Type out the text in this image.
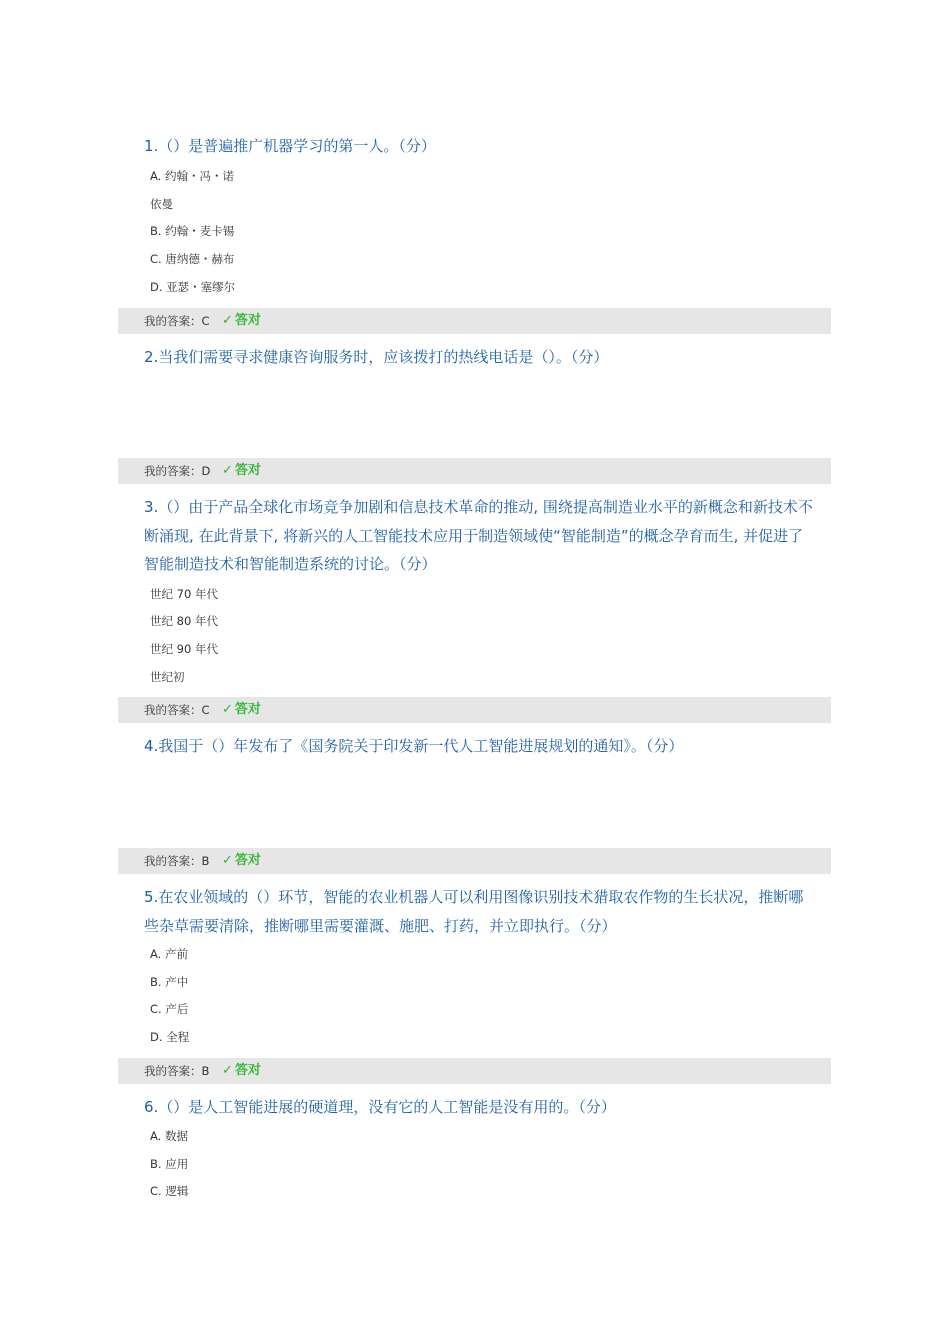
1.（）是普遍推广机器学习的第一人。（分）
A. 约翰・冯・诺
依曼
B. 约翰・麦卡锡
C. 唐纳德・赫布
D. 亚瑟・塞缪尔
我的答案：C ✓ 答对
2.当我们需要寻求健康咨询服务时，应该拨打的热线电话是（）。（分）
我的答案：D ✓ 答对
3.（）由于产品全球化市场竞争加剧和信息技术革命的推动, 围绕提高制造业水平的新概念和新技术不断涌现, 在此背景下, 将新兴的人工智能技术应用于制造领域使“智能制造”的概念孕育而生, 并促进了智能制造技术和智能制造系统的讨论。（分）
世纪 70 年代
世纪 80 年代
世纪 90 年代
世纪初
我的答案：C ✓ 答对
4.我国于（）年发布了《国务院关于印发新一代人工智能进展规划的通知》。（分）
我的答案：B ✓ 答对
5.在农业领域的（）环节，智能的农业机器人可以利用图像识别技术猎取农作物的生长状况，推断哪些杂草需要清除，推断哪里需要灌溉、施肥、打药，并立即执行。（分）
A. 产前
B. 产中
C. 产后
D. 全程
我的答案：B ✓ 答对
6.（）是人工智能进展的硬道理，没有它的人工智能是没有用的。（分）
A. 数据
B. 应用
C. 逻辑
